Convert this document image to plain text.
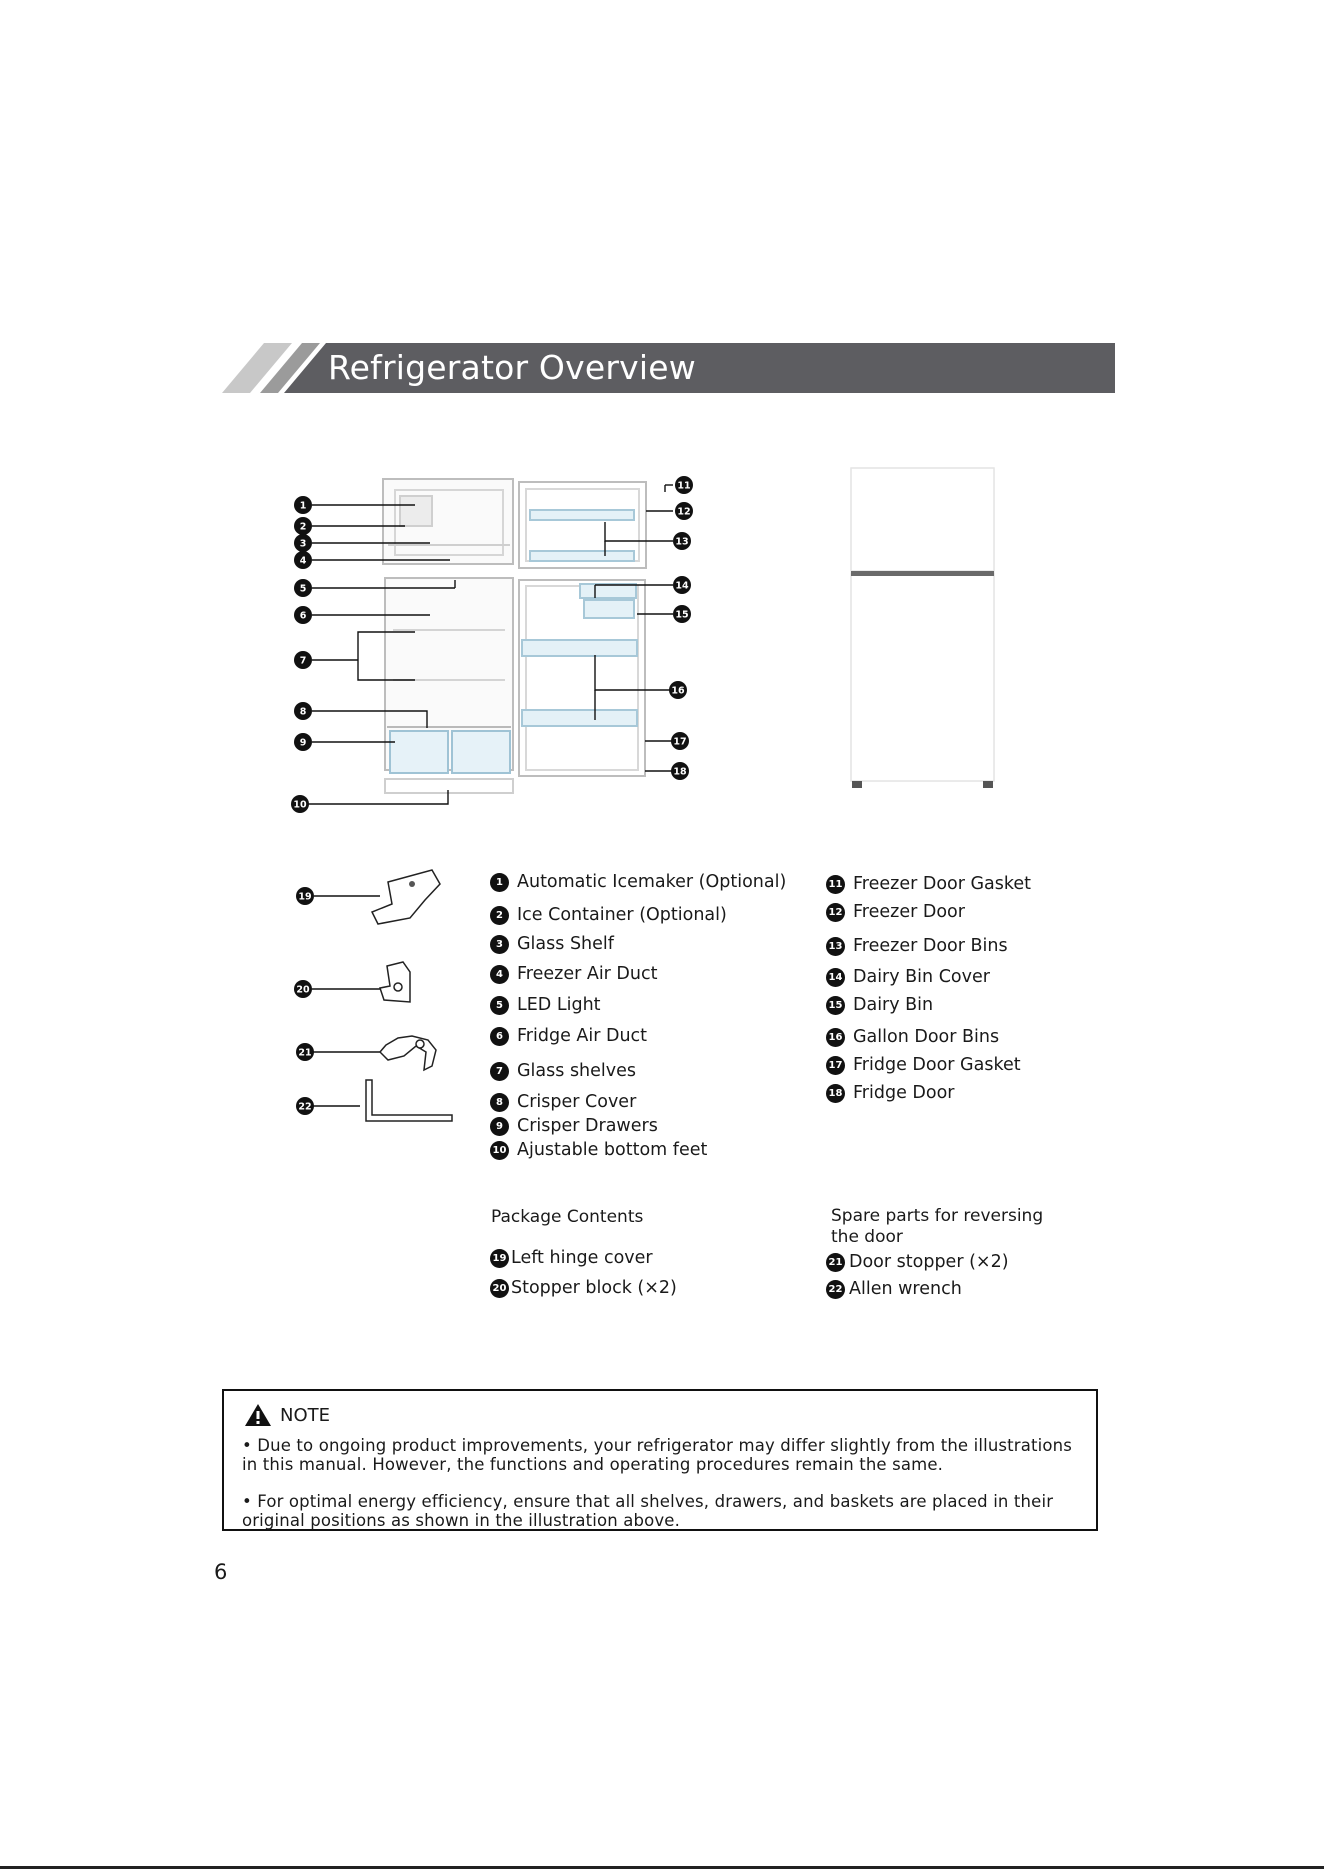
Refrigerator Overview
1
2
3
4
5
6
7
8
9
10
11
12
13
14
15
16
17
18
19
20
21
22
1 Automatic Icemaker (Optional)
2 Ice Container (Optional)
3 Glass Shelf
4 Freezer Air Duct
5 LED Light
6 Fridge Air Duct
7 Glass shelves
8 Crisper Cover
9 Crisper Drawers
10 Ajustable bottom feet
11 Freezer Door Gasket
12 Freezer Door
13 Freezer Door Bins
14 Dairy Bin Cover
15 Dairy Bin
16 Gallon Door Bins
17 Fridge Door Gasket
18 Fridge Door
Package Contents
19 Left hinge cover
20 Stopper block (×2)
Spare parts for reversing the door
21 Door stopper (×2)
22 Allen wrench
NOTE

• Due to ongoing product improvements, your refrigerator may differ slightly from the illustrations in this manual. However, the functions and operating procedures remain the same.

• For optimal energy efficiency, ensure that all shelves, drawers, and baskets are placed in their original positions as shown in the illustration above.

6
